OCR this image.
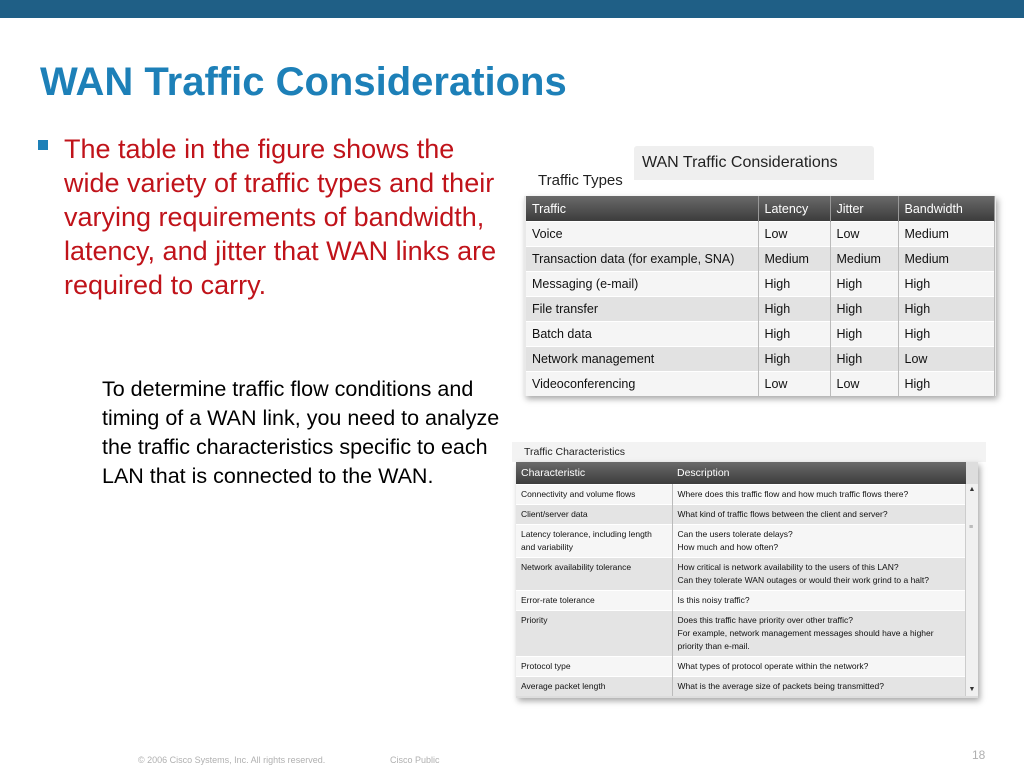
WAN Traffic Considerations
The table in the figure shows the wide variety of traffic types and their varying requirements of bandwidth, latency, and jitter that WAN links are required to carry.
To determine traffic flow conditions and timing of a WAN link, you need to analyze the traffic characteristics specific to each LAN that is connected to the WAN.
WAN Traffic Considerations
Traffic Types
Traffic	Latency	Jitter	Bandwidth
Voice	Low	Low	Medium
Transaction data (for example, SNA)	Medium	Medium	Medium
Messaging (e-mail)	High	High	High
File transfer	High	High	High
Batch data	High	High	High
Network management	High	High	Low
Videoconferencing	Low	Low	High
Traffic Characteristics
Characteristic	Description
Connectivity and volume flows	Where does this traffic flow and how much traffic flows there?
Client/server data	What kind of traffic flows between the client and server?
Latency tolerance, including length and variability	Can the users tolerate delays?
How much and how often?
Network availability tolerance	How critical is network availability to the users of this LAN?
Can they tolerate WAN outages or would their work grind to a halt?
Error-rate tolerance	Is this noisy traffic?
Priority	Does this traffic have priority over other traffic?
For example, network management messages should have a higher priority than e-mail.
Protocol type	What types of protocol operate within the network?
Average packet length	What is the average size of packets being transmitted?
▲
≡
▼
© 2006 Cisco Systems, Inc. All rights reserved.	Cisco Public	18
